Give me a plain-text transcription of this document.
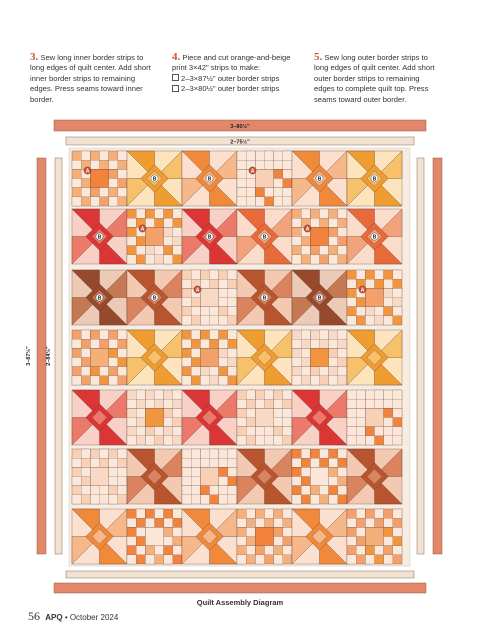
3. Sew long inner border strips to
long edges of quilt center. Add short
inner border strips to remaining
edges. Press seams toward inner
border.
4. Piece and cut orange-and-beige
print 3×42" strips to make:
2–3×87½" outer border strips
2–3×80½" outer border strips
5. Sew long outer border strips to
long edges of quilt center. Add short
outer border strips to remaining
edges to complete quilt top. Press
seams toward outer border.
A
B	B
A
B	B
B
A
B	B
A
B
B	B
A
B	B
A
3–80½"
2–75½"
3–87½"	2–84½"
Quilt Assembly Diagram
56 APQ • October 2024
